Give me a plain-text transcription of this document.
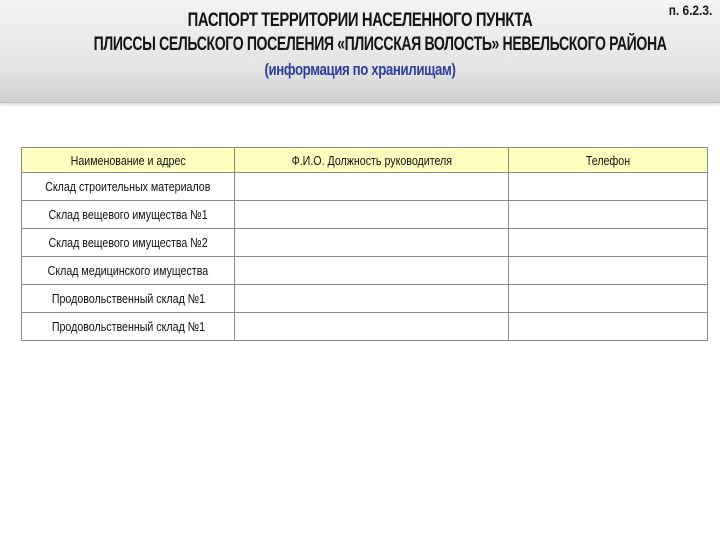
п. 6.2.3.
ПАСПОРТ ТЕРРИТОРИИ НАСЕЛЕННОГО ПУНКТА
ПЛИССЫ СЕЛЬСКОГО ПОСЕЛЕНИЯ «ПЛИССКАЯ ВОЛОСТЬ» НЕВЕЛЬСКОГО РАЙОНА
(информация по хранилищам)
Наименование и адрес	Ф.И.О. Должность руководителя	Телефон
Склад строительных материалов		
Склад вещевого имущества №1		
Склад вещевого имущества №2		
Склад медицинского имущества		
Продовольственный склад №1		
Продовольственный склад №1		
